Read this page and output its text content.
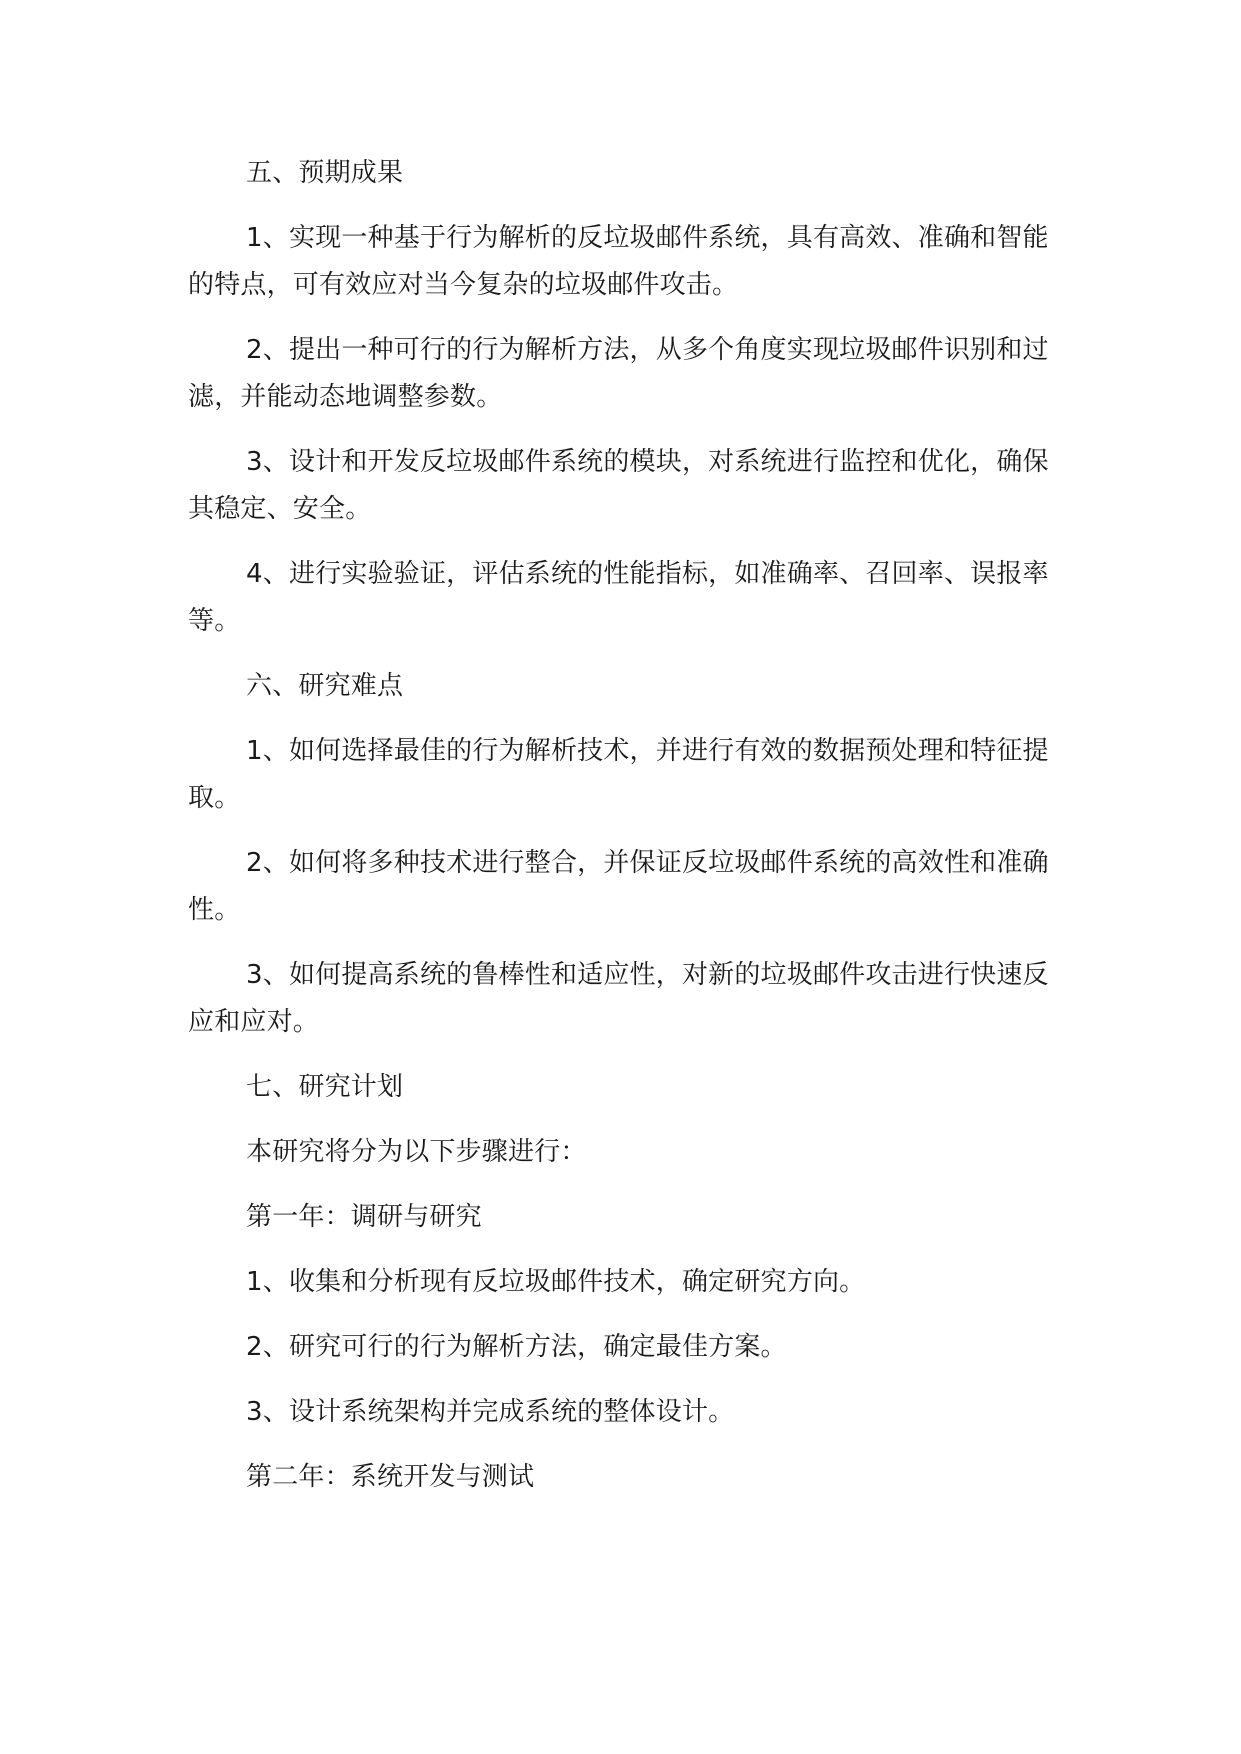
五、预期成果

1、实现一种基于行为解析的反垃圾邮件系统，具有高效、准确和智能的特点，可有效应对当今复杂的垃圾邮件攻击。

2、提出一种可行的行为解析方法，从多个角度实现垃圾邮件识别和过滤，并能动态地调整参数。

3、设计和开发反垃圾邮件系统的模块，对系统进行监控和优化，确保其稳定、安全。

4、进行实验验证，评估系统的性能指标，如准确率、召回率、误报率等。

六、研究难点

1、如何选择最佳的行为解析技术，并进行有效的数据预处理和特征提取。

2、如何将多种技术进行整合，并保证反垃圾邮件系统的高效性和准确性。

3、如何提高系统的鲁棒性和适应性，对新的垃圾邮件攻击进行快速反应和应对。

七、研究计划

本研究将分为以下步骤进行：

第一年：调研与研究

1、收集和分析现有反垃圾邮件技术，确定研究方向。

2、研究可行的行为解析方法，确定最佳方案。

3、设计系统架构并完成系统的整体设计。

第二年：系统开发与测试
